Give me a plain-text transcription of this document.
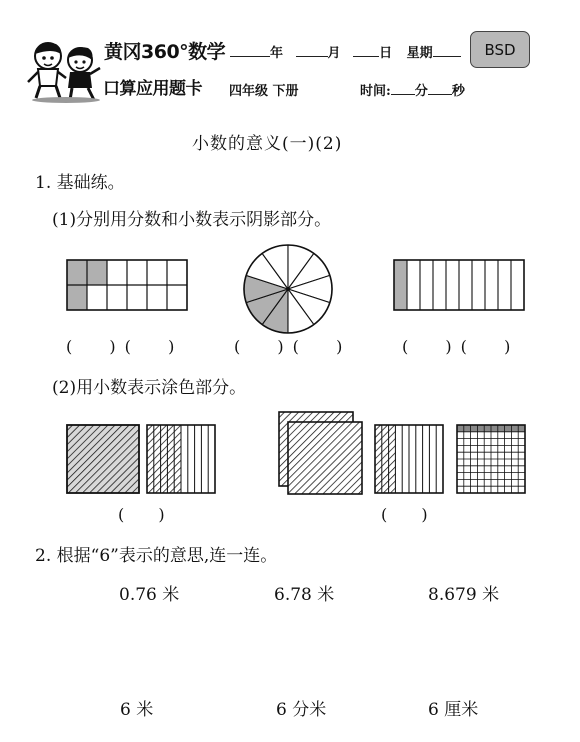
黄冈360°数学
口算应用题卡
年	月	日 星期	BSD
四年级 下册	时间: 分 秒
小数的意义(一)(2)
1. 基础练。
(1)分别用分数和小数表示阴影部分。
(  )(  )	(  )(  )	(  )(  )
(2)用小数表示涂色部分。
(  )	(  )
2. 根据“6”表示的意思,连一连。
0.76 米	6.78 米	8.679 米
6 米	6 分米	6 厘米
